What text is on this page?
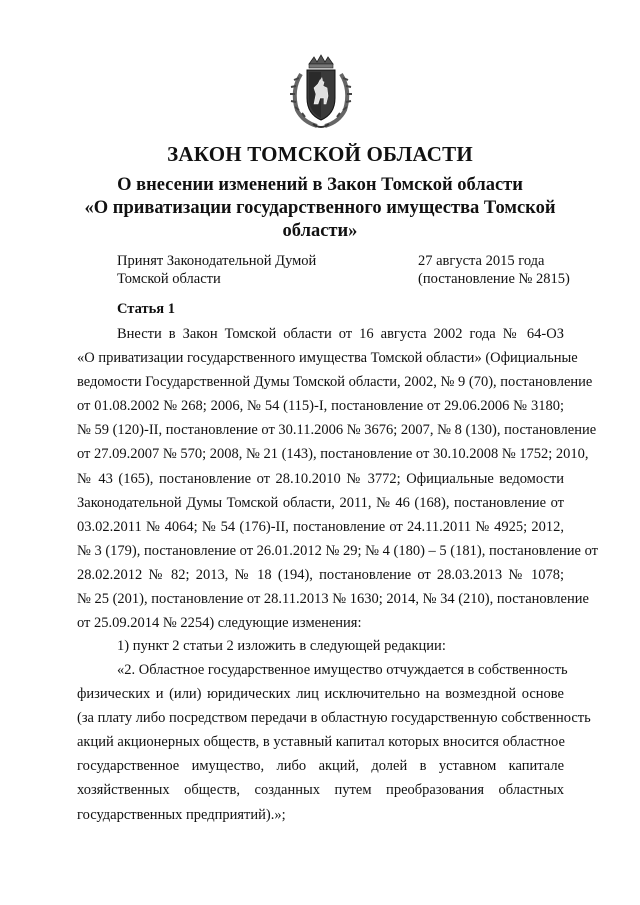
ЗАКОН ТОМСКОЙ ОБЛАСТИ
О внесении изменений в Закон Томской области
«О приватизации государственного имущества Томской
области»
Принят Законодательной Думой
Томской области
27 августа 2015 года
(постановление № 2815)
Статья 1
Внести в Закон Томской области от 16 августа 2002 года № 64-ОЗ
«О приватизации государственного имущества Томской области» (Официальные
ведомости Государственной Думы Томской области, 2002, № 9 (70), постановление
от 01.08.2002 № 268; 2006, № 54 (115)-I, постановление от 29.06.2006 № 3180;
№ 59 (120)-II, постановление от 30.11.2006 № 3676; 2007, № 8 (130), постановление
от 27.09.2007 № 570; 2008, № 21 (143), постановление от 30.10.2008 № 1752; 2010,
№ 43 (165), постановление от 28.10.2010 № 3772; Официальные ведомости
Законодательной Думы Томской области, 2011, № 46 (168), постановление от
03.02.2011 № 4064; № 54 (176)-II, постановление от 24.11.2011 № 4925; 2012,
№ 3 (179), постановление от 26.01.2012 № 29; № 4 (180) – 5 (181), постановление от
28.02.2012 № 82; 2013, № 18 (194), постановление от 28.03.2013 № 1078;
№ 25 (201), постановление от 28.11.2013 № 1630; 2014, № 34 (210), постановление
от 25.09.2014 № 2254) следующие изменения:
1) пункт 2 статьи 2 изложить в следующей редакции:
«2. Областное государственное имущество отчуждается в собственность
физических и (или) юридических лиц исключительно на возмездной основе
(за плату либо посредством передачи в областную государственную собственность
акций акционерных обществ, в уставный капитал которых вносится областное
государственное имущество, либо акций, долей в уставном капитале
хозяйственных обществ, созданных путем преобразования областных
государственных предприятий).»;
